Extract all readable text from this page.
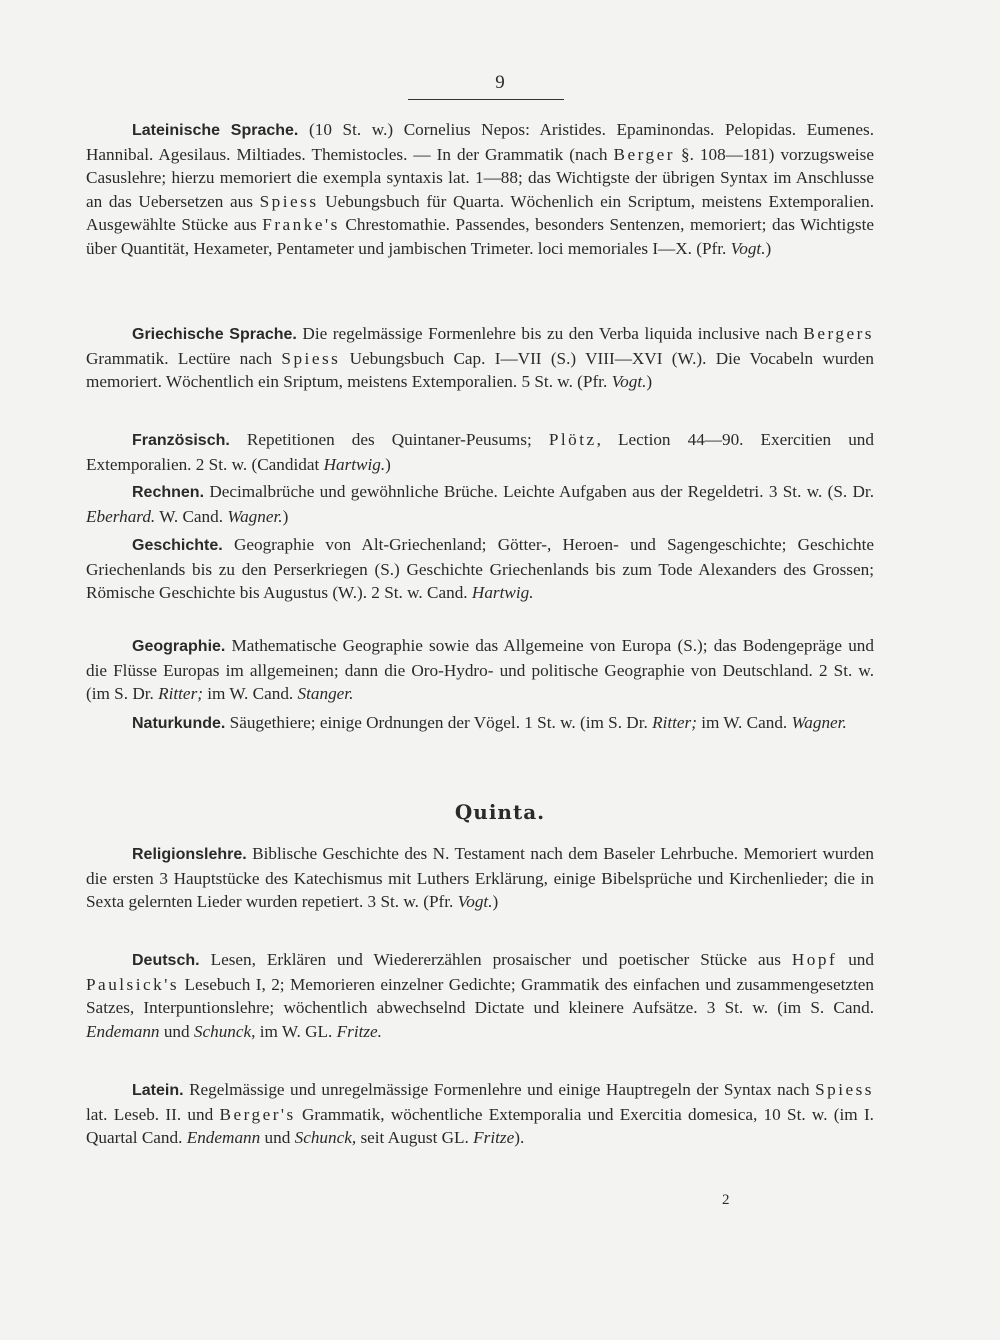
9

Lateinische Sprache. (10 St. w.) Cornelius Nepos: Aristides. Epaminondas. Pelopidas. Eumenes. Hannibal. Agesilaus. Miltiades. Themistocles. — In der Grammatik (nach Berger §. 108—181) vorzugsweise Casuslehre; hierzu memoriert die exempla syntaxis lat. 1—88; das Wichtigste der übrigen Syntax im Anschlusse an das Uebersetzen aus Spiess Uebungsbuch für Quarta. Wöchenlich ein Scriptum, meistens Extemporalien. Ausgewählte Stücke aus Franke's Chrestomathie. Passendes, besonders Sentenzen, memoriert; das Wichtigste über Quantität, Hexameter, Pentameter und jambischen Trimeter. loci memoriales I—X. (Pfr. Vogt.)

Griechische Sprache. Die regelmässige Formenlehre bis zu den Verba liquida inclusive nach Bergers Grammatik. Lectüre nach Spiess Uebungsbuch Cap. I—VII (S.) VIII—XVI (W.). Die Vocabeln wurden memoriert. Wöchentlich ein Sriptum, meistens Extemporalien. 5 St. w. (Pfr. Vogt.)

Französisch. Repetitionen des Quintaner-Peusums; Plötz, Lection 44—90. Exercitien und Extemporalien. 2 St. w. (Candidat Hartwig.)

Rechnen. Decimalbrüche und gewöhnliche Brüche. Leichte Aufgaben aus der Regeldetri. 3 St. w. (S. Dr. Eberhard. W. Cand. Wagner.)

Geschichte. Geographie von Alt-Griechenland; Götter-, Heroen- und Sagengeschichte; Geschichte Griechenlands bis zu den Perserkriegen (S.) Geschichte Griechenlands bis zum Tode Alexanders des Grossen; Römische Geschichte bis Augustus (W.). 2 St. w. Cand. Hartwig.

Geographie. Mathematische Geographie sowie das Allgemeine von Europa (S.); das Bodengepräge und die Flüsse Europas im allgemeinen; dann die Oro-Hydro- und politische Geographie von Deutschland. 2 St. w. (im S. Dr. Ritter; im W. Cand. Stanger.

Naturkunde. Säugethiere; einige Ordnungen der Vögel. 1 St. w. (im S. Dr. Ritter; im W. Cand. Wagner.

Quinta.

Religionslehre. Biblische Geschichte des N. Testament nach dem Baseler Lehrbuche. Memoriert wurden die ersten 3 Hauptstücke des Katechismus mit Luthers Erklärung, einige Bibelsprüche und Kirchenlieder; die in Sexta gelernten Lieder wurden repetiert. 3 St. w. (Pfr. Vogt.)

Deutsch. Lesen, Erklären und Wiedererzählen prosaischer und poetischer Stücke aus Hopf und Paulsick's Lesebuch I, 2; Memorieren einzelner Gedichte; Grammatik des einfachen und zusammengesetzten Satzes, Interpuntionslehre; wöchentlich abwechselnd Dictate und kleinere Aufsätze. 3 St. w. (im S. Cand. Endemann und Schunck, im W. GL. Fritze.

Latein. Regelmässige und unregelmässige Formenlehre und einige Hauptregeln der Syntax nach Spiess lat. Leseb. II. und Berger's Grammatik, wöchentliche Extemporalia und Exercitia domesica, 10 St. w. (im I. Quartal Cand. Endemann und Schunck, seit August GL. Fritze).

2
